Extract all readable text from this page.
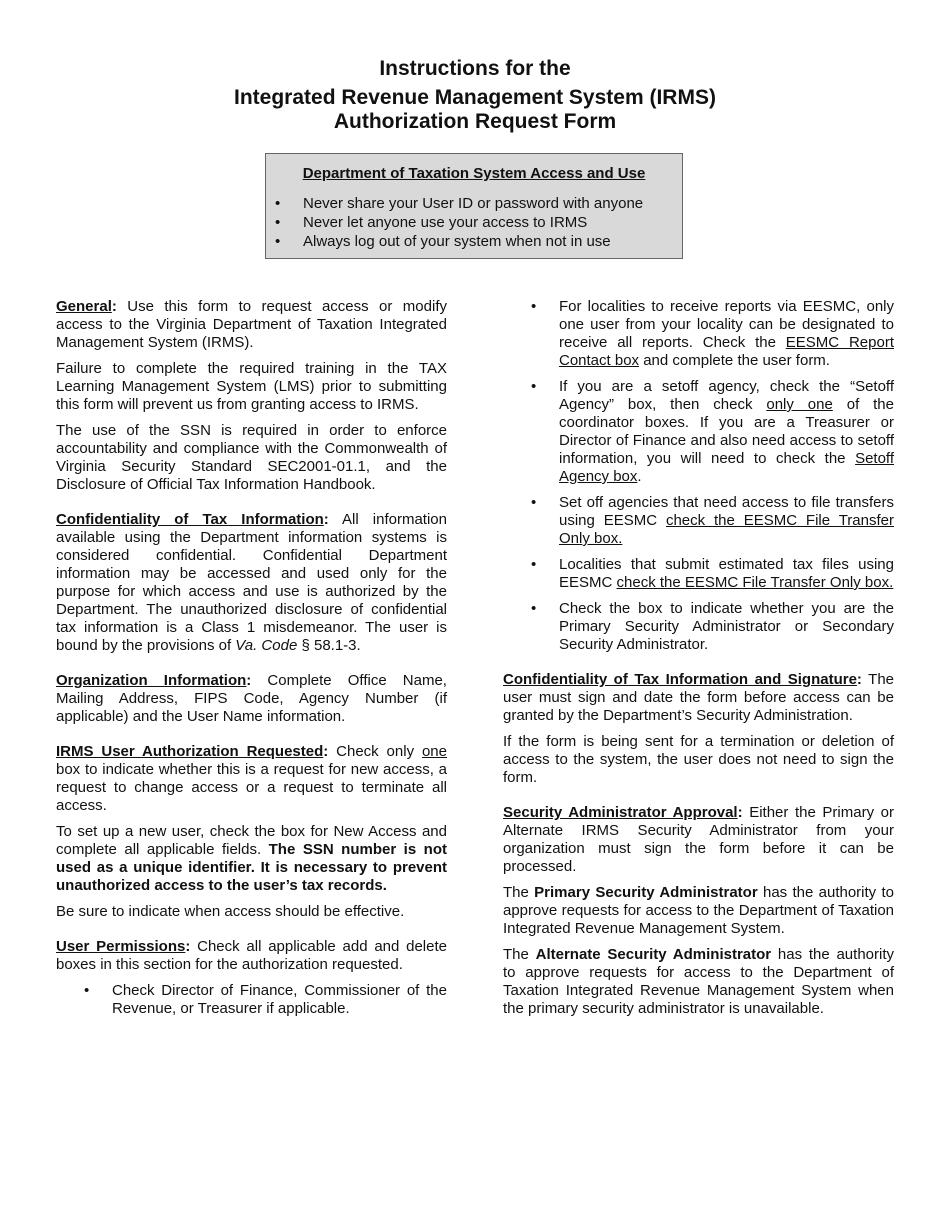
Instructions for the
Integrated Revenue Management System (IRMS)
Authorization Request Form
Department of Taxation System Access and Use
• Never share your User ID or password with anyone
• Never let anyone use your access to IRMS
• Always log out of your system when not in use

General: Use this form to request access or modify access to the Virginia Department of Taxation Integrated Management System (IRMS).

Failure to complete the required training in the TAX Learning Management System (LMS) prior to submitting this form will prevent us from granting access to IRMS.

The use of the SSN is required in order to enforce accountability and compliance with the Commonwealth of Virginia Security Standard SEC2001-01.1, and the Disclosure of Official Tax Information Handbook.

Confidentiality of Tax Information: All information available using the Department information systems is considered confidential. Confidential Department information may be accessed and used only for the purpose for which access and use is authorized by the Department. The unauthorized disclosure of confidential tax information is a Class 1 misdemeanor. The user is bound by the provisions of Va. Code § 58.1-3.

Organization Information: Complete Office Name, Mailing Address, FIPS Code, Agency Number (if applicable) and the User Name information.

IRMS User Authorization Requested: Check only one box to indicate whether this is a request for new access, a request to change access or a request to terminate all access.

To set up a new user, check the box for New Access and complete all applicable fields. The SSN number is not used as a unique identifier. It is necessary to prevent unauthorized access to the user’s tax records.

Be sure to indicate when access should be effective.

User Permissions: Check all applicable add and delete boxes in this section for the authorization requested.

• Check Director of Finance, Commissioner of the Revenue, or Treasurer if applicable.

• For localities to receive reports via EESMC, only one user from your locality can be designated to receive all reports. Check the EESMC Report Contact box and complete the user form.

• If you are a setoff agency, check the “Setoff Agency” box, then check only one of the coordinator boxes. If you are a Treasurer or Director of Finance and also need access to setoff information, you will need to check the Setoff Agency box.

• Set off agencies that need access to file transfers using EESMC check the EESMC File Transfer Only box.

• Localities that submit estimated tax files using EESMC check the EESMC File Transfer Only box.

• Check the box to indicate whether you are the Primary Security Administrator or Secondary Security Administrator.

Confidentiality of Tax Information and Signature: The user must sign and date the form before access can be granted by the Department’s Security Administration.

If the form is being sent for a termination or deletion of access to the system, the user does not need to sign the form.

Security Administrator Approval: Either the Primary or Alternate IRMS Security Administrator from your organization must sign the form before it can be processed.

The Primary Security Administrator has the authority to approve requests for access to the Department of Taxation Integrated Revenue Management System.

The Alternate Security Administrator has the authority to approve requests for access to the Department of Taxation Integrated Revenue Management System when the primary security administrator is unavailable.
